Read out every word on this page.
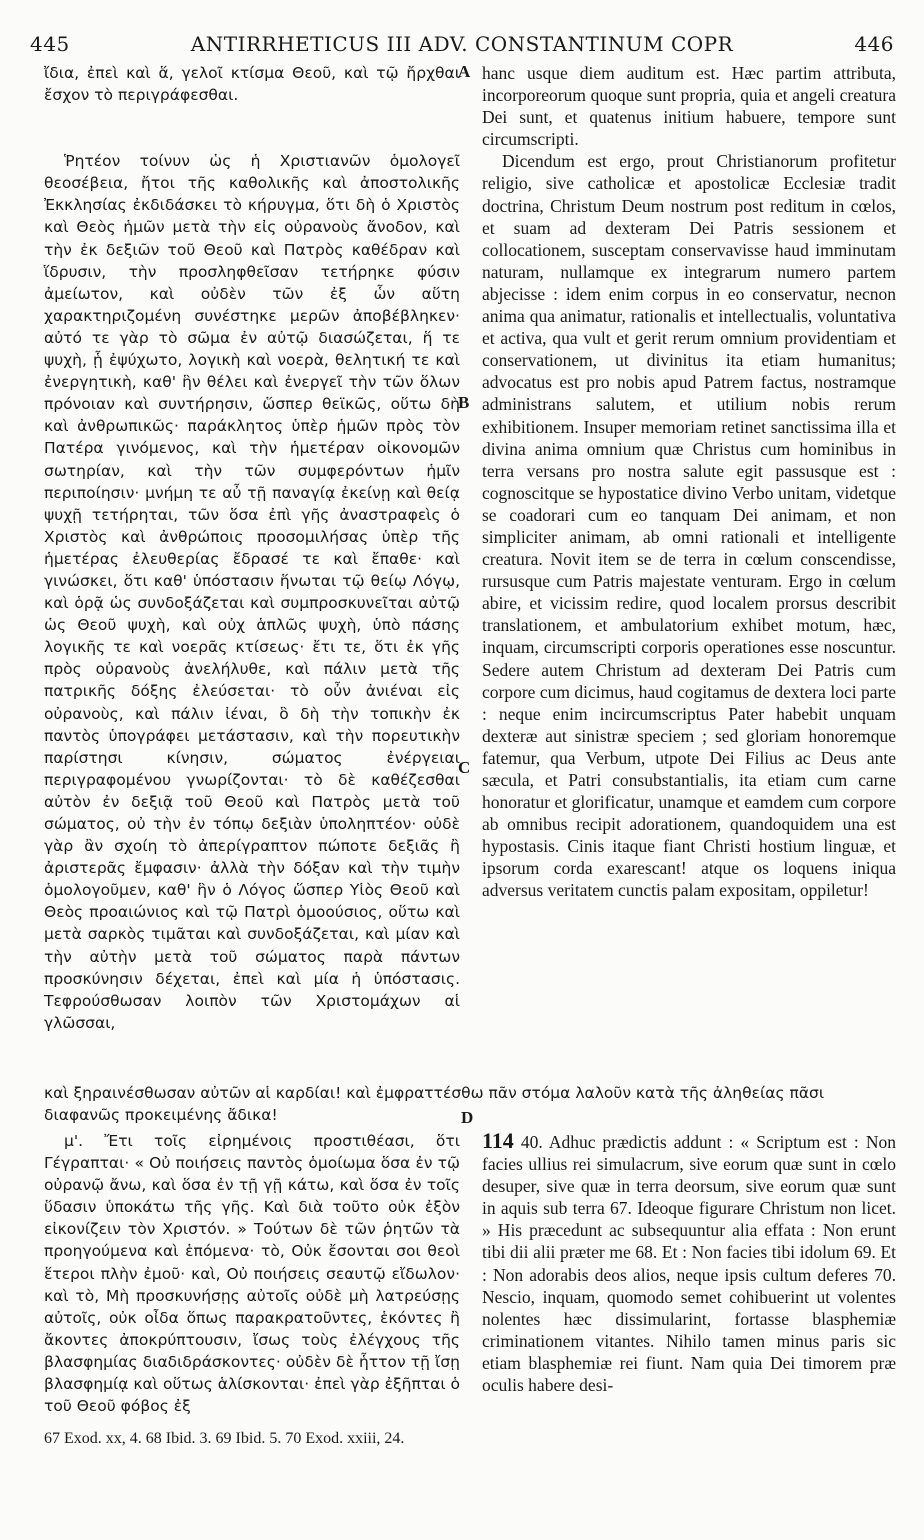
445	ANTIRRHETICUS III ADV. CONSTANTINUM COPR	446
A
B
C
D

ἴδια, ἐπεὶ καὶ ἅ, γελοῖ κτίσμα Θεοῦ, καὶ τῷ ἤρχθαι ἔσχον τὸ περιγράφεσθαι.

Ῥητέον τοίνυν ὡς ἡ Χριστιανῶν ὁμολογεῖ θεοσέβεια, ἤτοι τῆς καθολικῆς καὶ ἀποστολικῆς Ἐκκλησίας ἐκδιδάσκει τὸ κήρυγμα, ὅτι δὴ ὁ Χριστὸς καὶ Θεὸς ἡμῶν μετὰ τὴν εἰς οὐρανοὺς ἄνοδον, καὶ τὴν ἐκ δεξιῶν τοῦ Θεοῦ καὶ Πατρὸς καθέδραν καὶ ἵδρυσιν, τὴν προσληφθεῖσαν τετήρηκε φύσιν ἀμείωτον, καὶ οὐδὲν τῶν ἐξ ὧν αὕτη χαρακτηριζομένη συνέστηκε μερῶν ἀποβέβληκεν· αὐτό τε γὰρ τὸ σῶμα ἐν αὐτῷ διασώζεται, ἥ τε ψυχὴ, ᾗ ἐψύχωτο, λογικὴ καὶ νοερὰ, θελητική τε καὶ ἐνεργητικὴ, καθ' ἣν θέλει καὶ ἐνεργεῖ τὴν τῶν ὅλων πρόνοιαν καὶ συντήρησιν, ὥσπερ θεϊκῶς, οὕτω δὴ καὶ ἀνθρωπικῶς· παράκλητος ὑπὲρ ἡμῶν πρὸς τὸν Πατέρα γινόμενος, καὶ τὴν ἡμετέραν οἰκονομῶν σωτηρίαν, καὶ τὴν τῶν συμφερόντων ἡμῖν περιποίησιν· μνήμη τε αὖ τῇ παναγίᾳ ἐκείνῃ καὶ θείᾳ ψυχῇ τετήρηται, τῶν ὅσα ἐπὶ γῆς ἀναστραφεὶς ὁ Χριστὸς καὶ ἀνθρώποις προσομιλήσας ὑπὲρ τῆς ἡμετέρας ἐλευθερίας ἔδρασέ τε καὶ ἔπαθε· καὶ γινώσκει, ὅτι καθ' ὑπόστασιν ἥνωται τῷ θείῳ Λόγῳ, καὶ ὁρᾷ ὡς συνδοξάζεται καὶ συμπροσκυνεῖται αὐτῷ ὡς Θεοῦ ψυχὴ, καὶ οὐχ ἁπλῶς ψυχὴ, ὑπὸ πάσης λογικῆς τε καὶ νοερᾶς κτίσεως· ἔτι τε, ὅτι ἐκ γῆς πρὸς οὐρανοὺς ἀνελήλυθε, καὶ πάλιν μετὰ τῆς πατρικῆς δόξης ἐλεύσεται· τὸ οὖν ἀνιέναι εἰς οὐρανοὺς, καὶ πάλιν ἰέναι, ὃ δὴ τὴν τοπικὴν ἐκ παντὸς ὑπογράφει μετάστασιν, καὶ τὴν πορευτικὴν παρίστησι κίνησιν, σώματος ἐνέργειαι περιγραφομένου γνωρίζονται· τὸ δὲ καθέζεσθαι αὐτὸν ἐν δεξιᾷ τοῦ Θεοῦ καὶ Πατρὸς μετὰ τοῦ σώματος, οὐ τὴν ἐν τόπῳ δεξιὰν ὑποληπτέον· οὐδὲ γὰρ ἂν σχοίη τὸ ἀπερίγραπτον πώποτε δεξιᾶς ἢ ἀριστερᾶς ἔμφασιν· ἀλλὰ τὴν δόξαν καὶ τὴν τιμὴν ὁμολογοῦμεν, καθ' ἣν ὁ Λόγος ὥσπερ Υἱὸς Θεοῦ καὶ Θεὸς προαιώνιος καὶ τῷ Πατρὶ ὁμοούσιος, οὕτω καὶ μετὰ σαρκὸς τιμᾶται καὶ συνδοξάζεται, καὶ μίαν καὶ τὴν αὐτὴν μετὰ τοῦ σώματος παρὰ πάντων προσκύνησιν δέχεται, ἐπεὶ καὶ μία ἡ ὑπόστασις. Τεφρούσθωσαν λοιπὸν τῶν Χριστομάχων αἱ γλῶσσαι,

hanc usque diem auditum est. Hæc partim attributa, incorporeorum quoque sunt propria, quia et angeli creatura Dei sunt, et quatenus initium habuere, tempore sunt circumscripti.

Dicendum est ergo, prout Christianorum profitetur religio, sive catholicæ et apostolicæ Ecclesiæ tradit doctrina, Christum Deum nostrum post reditum in cœlos, et suam ad dexteram Dei Patris sessionem et collocationem, susceptam conservavisse haud imminutam naturam, nullamque ex integrarum numero partem abjecisse : idem enim corpus in eo conservatur, necnon anima qua animatur, rationalis et intellectualis, voluntativa et activa, qua vult et gerit rerum omnium providentiam et conservationem, ut divinitus ita etiam humanitus; advocatus est pro nobis apud Patrem factus, nostramque administrans salutem, et utilium nobis rerum exhibitionem. Insuper memoriam retinet sanctissima illa et divina anima omnium quæ Christus cum hominibus in terra versans pro nostra salute egit passusque est : cognoscitque se hypostatice divino Verbo unitam, videtque se coadorari cum eo tanquam Dei animam, et non simpliciter animam, ab omni rationali et intelligente creatura. Novit item se de terra in cœlum conscendisse, rursusque cum Patris majestate venturam. Ergo in cœlum abire, et vicissim redire, quod localem prorsus describit translationem, et ambulatorium exhibet motum, hæc, inquam, circumscripti corporis operationes esse noscuntur. Sedere autem Christum ad dexteram Dei Patris cum corpore cum dicimus, haud cogitamus de dextera loci parte : neque enim incircumscriptus Pater habebit unquam dexteræ aut sinistræ speciem ; sed gloriam honoremque fatemur, qua Verbum, utpote Dei Filius ac Deus ante sæcula, et Patri consubstantialis, ita etiam cum carne honoratur et glorificatur, unamque et eamdem cum corpore ab omnibus recipit adorationem, quandoquidem una est hypostasis. Cinis itaque fiant Christi hostium linguæ, et ipsorum corda exarescant! atque os loquens iniqua adversus veritatem cunctis palam expositam, oppiletur!

καὶ ξηραινέσθωσαν αὐτῶν αἱ καρδίαι! καὶ ἐμφραττέσθω πᾶν στόμα λαλοῦν κατὰ τῆς ἀληθείας πᾶσι
διαφανῶς προκειμένης ἄδικα!

μ'. Ἔτι τοῖς εἰρημένοις προστιθέασι, ὅτι Γέγραπται· « Οὐ ποιήσεις παντὸς ὁμοίωμα ὅσα ἐν τῷ οὐρανῷ ἄνω, καὶ ὅσα ἐν τῇ γῇ κάτω, καὶ ὅσα ἐν τοῖς ὕδασιν ὑποκάτω τῆς γῆς. Καὶ διὰ τοῦτο οὐκ ἐξὸν εἰκονίζειν τὸν Χριστόν. » Τούτων δὲ τῶν ῥητῶν τὰ προηγούμενα καὶ ἑπόμενα· τὸ, Οὐκ ἔσονται σοι θεοὶ ἕτεροι πλὴν ἐμοῦ· καὶ, Οὐ ποιήσεις σεαυτῷ εἴδωλον· καὶ τὸ, Μὴ προσκυνήσῃς αὐτοῖς οὐδὲ μὴ λατρεύσῃς αὐτοῖς, οὐκ οἶδα ὅπως παρακρατοῦντες, ἑκόντες ἢ ἄκοντες ἀποκρύπτουσιν, ἴσως τοὺς ἐλέγχους τῆς βλασφημίας διαδιδράσκοντες· οὐδὲν δὲ ἧττον τῇ ἴσῃ βλασφημίᾳ καὶ οὕτως ἁλίσκονται· ἐπεὶ γὰρ ἐξῆπται ὁ τοῦ Θεοῦ φόβος ἐξ

114 40. Adhuc prædictis addunt : « Scriptum est : Non facies ullius rei simulacrum, sive eorum quæ sunt in cœlo desuper, sive quæ in terra deorsum, sive eorum quæ sunt in aquis sub terra 67. Ideoque figurare Christum non licet. » His præcedunt ac subsequuntur alia effata : Non erunt tibi dii alii præter me 68. Et : Non facies tibi idolum 69. Et : Non adorabis deos alios, neque ipsis cultum deferes 70. Nescio, inquam, quomodo semet cohibuerint ut volentes nolentes hæc dissimularint, fortasse blasphemiæ criminationem vitantes. Nihilo tamen minus paris sic etiam blasphemiæ rei fiunt. Nam quia Dei timorem præ oculis habere desi-

67 Exod. xx, 4. 68 Ibid. 3. 69 Ibid. 5. 70 Exod. xxiii, 24.
